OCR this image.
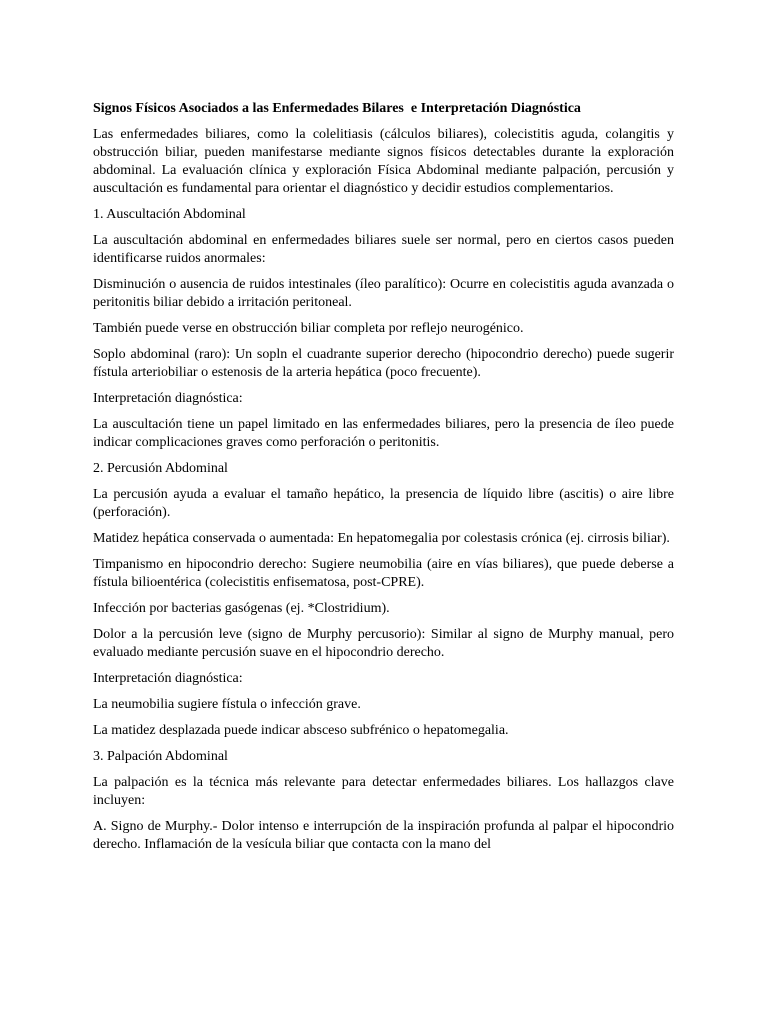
Signos Físicos Asociados a las Enfermedades Bilares  e Interpretación Diagnóstica

Las enfermedades biliares, como la colelitiasis (cálculos biliares), colecistitis aguda, colangitis y obstrucción biliar, pueden manifestarse mediante signos físicos detectables durante la exploración abdominal. La evaluación clínica y exploración Física Abdominal mediante palpación, percusión y auscultación es fundamental para orientar el diagnóstico y decidir estudios complementarios.

1. Auscultación Abdominal

La auscultación abdominal en enfermedades biliares suele ser normal, pero en ciertos casos pueden identificarse ruidos anormales:

Disminución o ausencia de ruidos intestinales (íleo paralítico): Ocurre en colecistitis aguda avanzada o peritonitis biliar debido a irritación peritoneal.

También puede verse en obstrucción biliar completa por reflejo neurogénico.

Soplo abdominal (raro): Un sopln el cuadrante superior derecho (hipocondrio derecho) puede sugerir fístula arteriobiliar o estenosis de la arteria hepática (poco frecuente).

Interpretación diagnóstica:

La auscultación tiene un papel limitado en las enfermedades biliares, pero la presencia de íleo puede indicar complicaciones graves como perforación o peritonitis.

2. Percusión Abdominal

La percusión ayuda a evaluar el tamaño hepático, la presencia de líquido libre (ascitis) o aire libre (perforación).

Matidez hepática conservada o aumentada: En hepatomegalia por colestasis crónica (ej. cirrosis biliar).

Timpanismo en hipocondrio derecho: Sugiere neumobilia (aire en vías biliares), que puede deberse a fístula bilioentérica (colecistitis enfisematosa, post-CPRE).

Infección por bacterias gasógenas (ej. *Clostridium).

Dolor a la percusión leve (signo de Murphy percusorio): Similar al signo de Murphy manual, pero evaluado mediante percusión suave en el hipocondrio derecho.

Interpretación diagnóstica:

La neumobilia sugiere fístula o infección grave.

La matidez desplazada puede indicar absceso subfrénico o hepatomegalia.

3. Palpación Abdominal

La palpación es la técnica más relevante para detectar enfermedades biliares. Los hallazgos clave incluyen:

A. Signo de Murphy.- Dolor intenso e interrupción de la inspiración profunda al palpar el hipocondrio derecho. Inflamación de la vesícula biliar que contacta con la mano del
